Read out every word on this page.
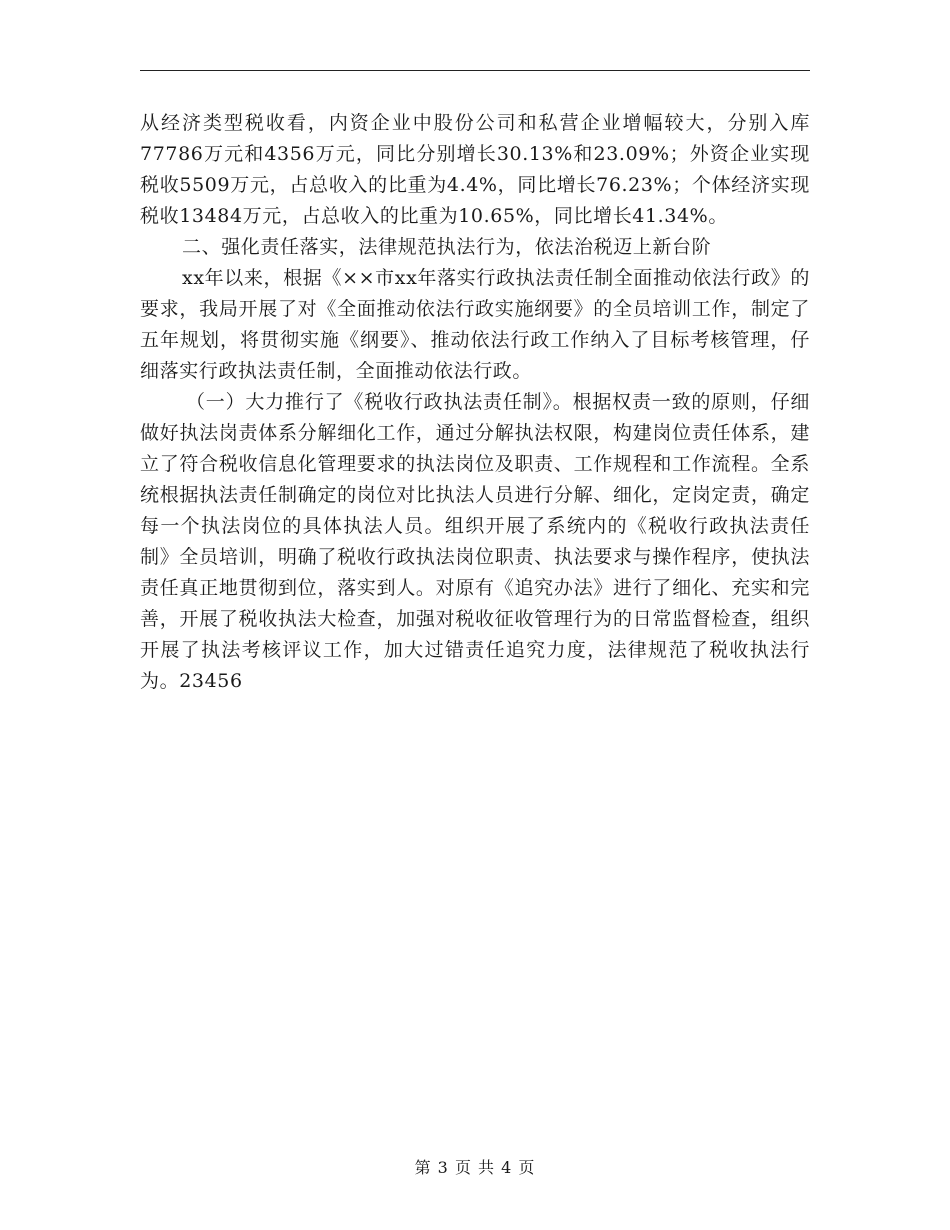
从经济类型税收看，内资企业中股份公司和私营企业增幅较大，分别入库77786万元和4356万元，同比分别增长30.13%和23.09%；外资企业实现税收5509万元，占总收入的比重为4.4%，同比增长76.23%；个体经济实现税收13484万元，占总收入的比重为10.65%，同比增长41.34%。

二、强化责任落实，法律规范执法行为，依法治税迈上新台阶

xx年以来，根据《××市xx年落实行政执法责任制全面推动依法行政》的要求，我局开展了对《全面推动依法行政实施纲要》的全员培训工作，制定了五年规划，将贯彻实施《纲要》、推动依法行政工作纳入了目标考核管理，仔细落实行政执法责任制，全面推动依法行政。

（一）大力推行了《税收行政执法责任制》。根据权责一致的原则，仔细做好执法岗责体系分解细化工作，通过分解执法权限，构建岗位责任体系，建立了符合税收信息化管理要求的执法岗位及职责、工作规程和工作流程。全系统根据执法责任制确定的岗位对比执法人员进行分解、细化，定岗定责，确定每一个执法岗位的具体执法人员。组织开展了系统内的《税收行政执法责任制》全员培训，明确了税收行政执法岗位职责、执法要求与操作程序，使执法责任真正地贯彻到位，落实到人。对原有《追究办法》进行了细化、充实和完善，开展了税收执法大检查，加强对税收征收管理行为的日常监督检查，组织开展了执法考核评议工作，加大过错责任追究力度，法律规范了税收执法行为。23456

第 3 页 共 4 页
